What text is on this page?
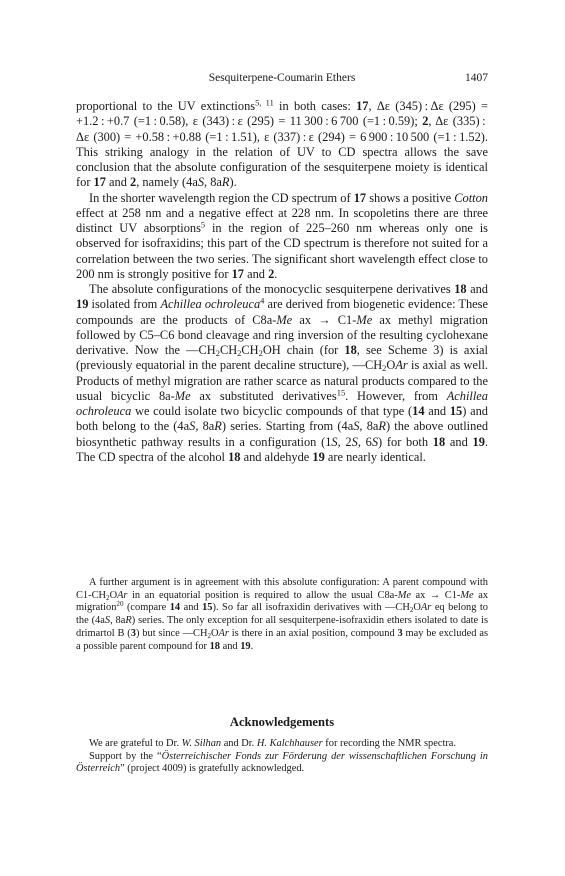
Sesquiterpene-Coumarin Ethers	1407

proportional to the UV extinctions$^{5, 11}$ in both cases: 17, Δε (345) : Δε (295) = +1.2 : +0.7 (=1 : 0.58), ε (343) : ε (295) = 11 300 : 6 700 (=1 : 0.59); 2, Δε (335) : Δε (300) = +0.58 : +0.88 (=1 : 1.51), ε (337) : ε (294) = 6 900 : 10 500 (=1 : 1.52). This striking analogy in the relation of UV to CD spectra allows the save conclusion that the absolute configuration of the sesquiterpene moiety is identical for 17 and 2, namely (4aS, 8aR).

In the shorter wavelength region the CD spectrum of 17 shows a positive Cotton effect at 258 nm and a negative effect at 228 nm. In scopoletins there are three distinct UV absorptions$^5$ in the region of 225–260 nm whereas only one is observed for isofraxidins; this part of the CD spectrum is therefore not suited for a correlation between the two series. The significant short wavelength effect close to 200 nm is strongly positive for 17 and 2.

The absolute configurations of the monocyclic sesquiterpene derivatives 18 and 19 isolated from Achillea ochroleuca$^4$ are derived from biogenetic evidence: These compounds are the products of C8a-Me ax → C1-Me ax methyl migration followed by C5–C6 bond cleavage and ring inversion of the resulting cyclohexane derivative. Now the $—CH_2CH_2CH_2OH$ chain (for 18, see Scheme 3) is axial (previously equatorial in the parent decaline structure), $—CH_2OAr$ is axial as well. Products of methyl migration are rather scarce as natural products compared to the usual bicyclic 8a-Me ax substituted derivatives$^{15}$. However, from Achillea ochroleuca we could isolate two bicyclic compounds of that type (14 and 15) and both belong to the (4aS, 8aR) series. Starting from (4aS, 8aR) the above outlined biosynthetic pathway results in a configuration (1S, 2S, 6S) for both 18 and 19. The CD spectra of the alcohol 18 and aldehyde 19 are nearly identical.

A further argument is in agreement with this absolute configuration: A parent compound with $C1-CH_2OAr$ in an equatorial position is required to allow the usual C8a-Me ax → C1-Me ax migration$^{20}$ (compare 14 and 15). So far all isofraxidin derivatives with $—CH_2OAr$ eq belong to the (4aS, 8aR) series. The only exception for all sesquiterpene-isofraxidin ethers isolated to date is drimartol B (3) but since $—CH_2OAr$ is there in an axial position, compound 3 may be excluded as a possible parent compound for 18 and 19.

Acknowledgements

We are grateful to Dr. W. Silhan and Dr. H. Kalchhauser for recording the NMR spectra.

Support by the “Österreichischer Fonds zur Förderung der wissenschaftlichen Forschung in Österreich” (project 4009) is gratefully acknowledged.
